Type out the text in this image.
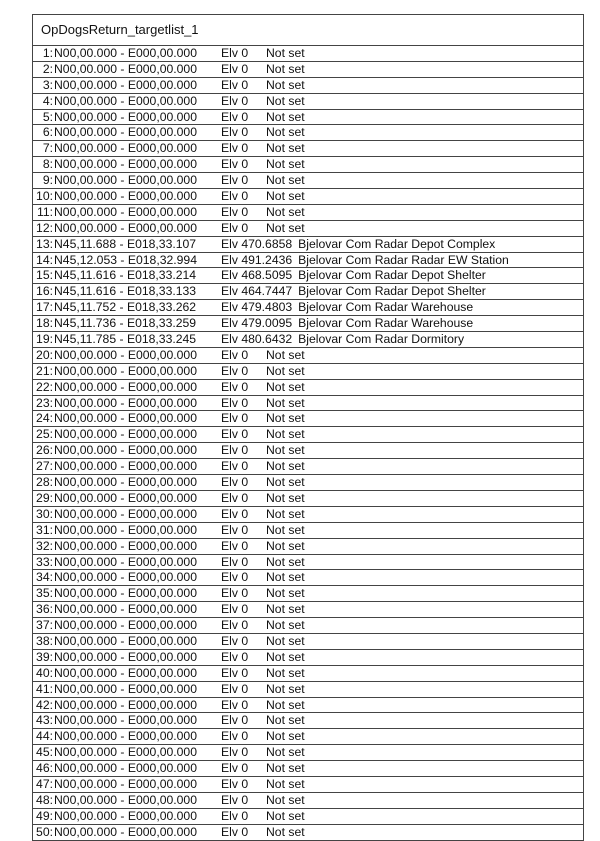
OpDogsReturn_targetlist_1
1: N00,00.000 - E000,00.000 Elv 0	Not set
2: N00,00.000 - E000,00.000 Elv 0	Not set
3: N00,00.000 - E000,00.000 Elv 0	Not set
4: N00,00.000 - E000,00.000 Elv 0	Not set
5: N00,00.000 - E000,00.000 Elv 0	Not set
6: N00,00.000 - E000,00.000 Elv 0	Not set
7: N00,00.000 - E000,00.000 Elv 0	Not set
8: N00,00.000 - E000,00.000 Elv 0	Not set
9: N00,00.000 - E000,00.000 Elv 0	Not set
10: N00,00.000 - E000,00.000 Elv 0	Not set
11: N00,00.000 - E000,00.000 Elv 0	Not set
12: N00,00.000 - E000,00.000 Elv 0	Not set
13: N45,11.688 - E018,33.107 Elv 470.6858 Bjelovar Com Radar Depot Complex
14: N45,12.053 - E018,32.994 Elv 491.2436 Bjelovar Com Radar Radar EW Station
15: N45,11.616 - E018,33.214 Elv 468.5095 Bjelovar Com Radar Depot Shelter
16: N45,11.616 - E018,33.133 Elv 464.7447 Bjelovar Com Radar Depot Shelter
17: N45,11.752 - E018,33.262 Elv 479.4803 Bjelovar Com Radar Warehouse
18: N45,11.736 - E018,33.259 Elv 479.0095 Bjelovar Com Radar Warehouse
19: N45,11.785 - E018,33.245 Elv 480.6432 Bjelovar Com Radar Dormitory
20: N00,00.000 - E000,00.000 Elv 0	Not set
21: N00,00.000 - E000,00.000 Elv 0	Not set
22: N00,00.000 - E000,00.000 Elv 0	Not set
23: N00,00.000 - E000,00.000 Elv 0	Not set
24: N00,00.000 - E000,00.000 Elv 0	Not set
25: N00,00.000 - E000,00.000 Elv 0	Not set
26: N00,00.000 - E000,00.000 Elv 0	Not set
27: N00,00.000 - E000,00.000 Elv 0	Not set
28: N00,00.000 - E000,00.000 Elv 0	Not set
29: N00,00.000 - E000,00.000 Elv 0	Not set
30: N00,00.000 - E000,00.000 Elv 0	Not set
31: N00,00.000 - E000,00.000 Elv 0	Not set
32: N00,00.000 - E000,00.000 Elv 0	Not set
33: N00,00.000 - E000,00.000 Elv 0	Not set
34: N00,00.000 - E000,00.000 Elv 0	Not set
35: N00,00.000 - E000,00.000 Elv 0	Not set
36: N00,00.000 - E000,00.000 Elv 0	Not set
37: N00,00.000 - E000,00.000 Elv 0	Not set
38: N00,00.000 - E000,00.000 Elv 0	Not set
39: N00,00.000 - E000,00.000 Elv 0	Not set
40: N00,00.000 - E000,00.000 Elv 0	Not set
41: N00,00.000 - E000,00.000 Elv 0	Not set
42: N00,00.000 - E000,00.000 Elv 0	Not set
43: N00,00.000 - E000,00.000 Elv 0	Not set
44: N00,00.000 - E000,00.000 Elv 0	Not set
45: N00,00.000 - E000,00.000 Elv 0	Not set
46: N00,00.000 - E000,00.000 Elv 0	Not set
47: N00,00.000 - E000,00.000 Elv 0	Not set
48: N00,00.000 - E000,00.000 Elv 0	Not set
49: N00,00.000 - E000,00.000 Elv 0	Not set
50: N00,00.000 - E000,00.000 Elv 0	Not set
